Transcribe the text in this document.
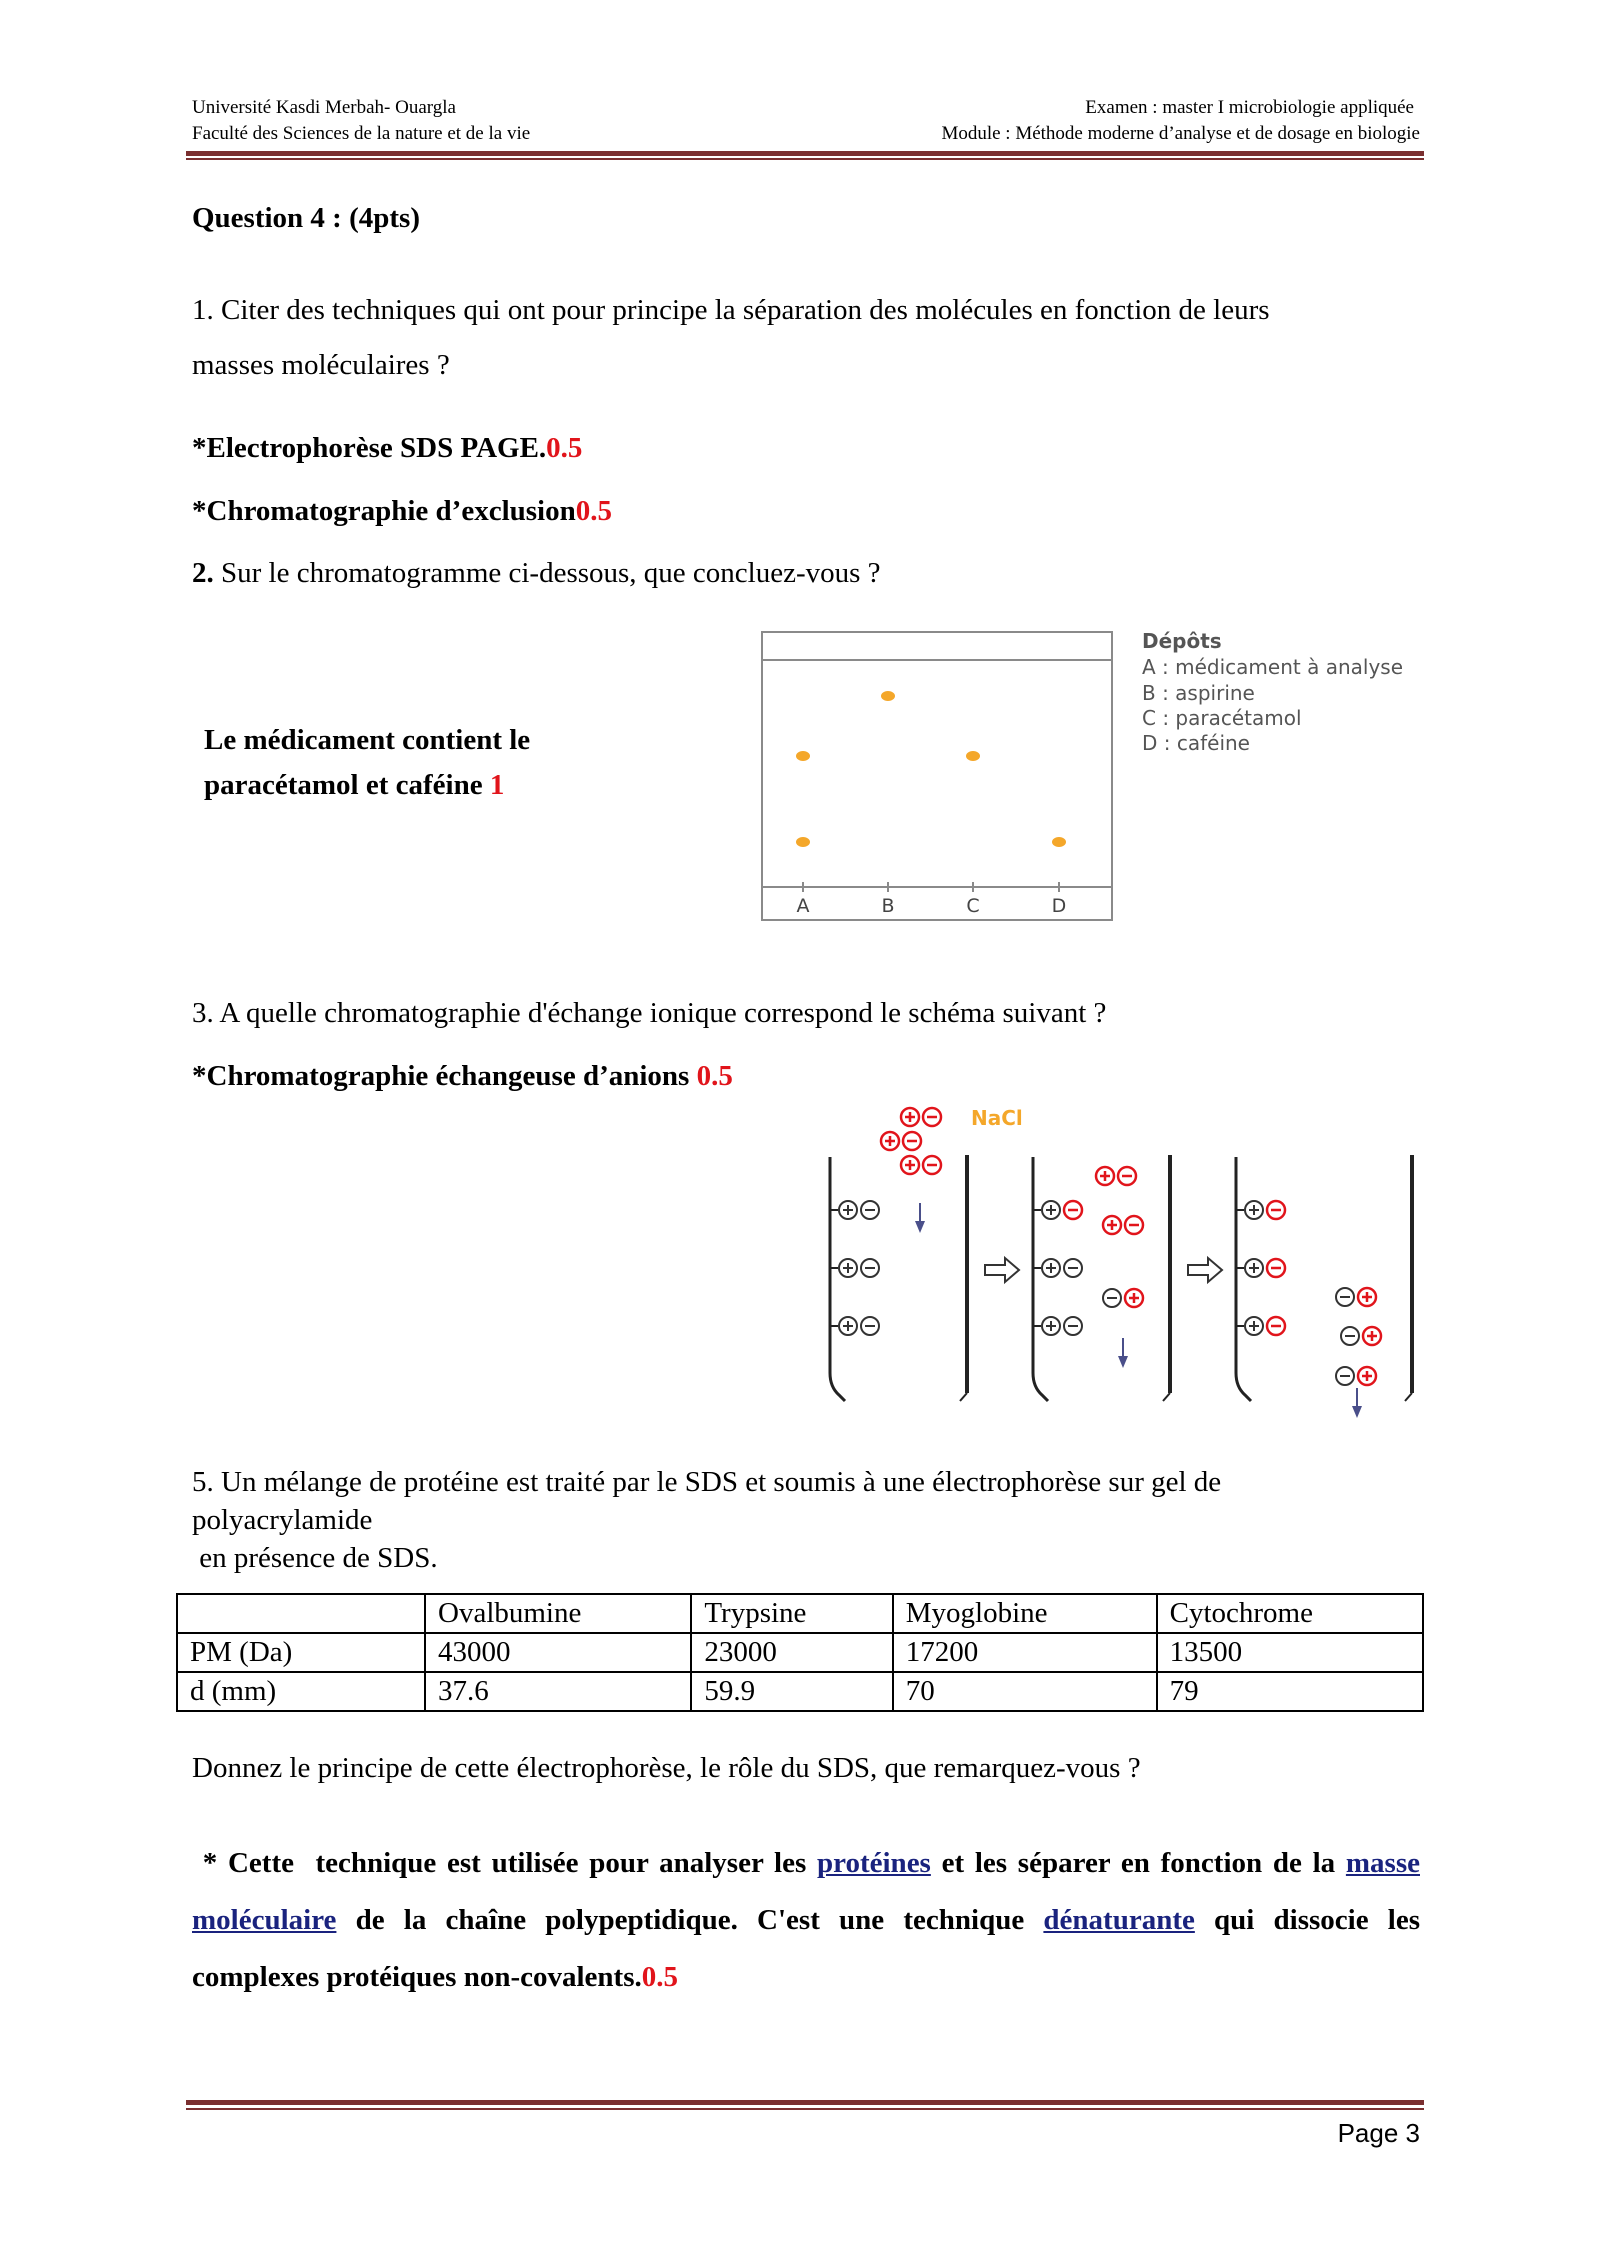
Université Kasdi Merbah- Ouargla
Faculté des Sciences de la nature et de la vie
Examen : master I microbiologie appliquée
Module : Méthode moderne d’analyse et de dosage en biologie
Question 4 : (4pts)
1. Citer des techniques qui ont pour principe la séparation des molécules en fonction de leurs
masses moléculaires ?
*Electrophorèse SDS PAGE.0.5
*Chromatographie d’exclusion0.5
2. Sur le chromatogramme ci-dessous, que concluez-vous ?
Le médicament contient le
paracétamol et caféine 1
A	B	C	D
Dépôts
A : médicament à analyse
B : aspirine
C : paracétamol
D : caféine
3. A quelle chromatographie d'échange ionique correspond le schéma suivant ?
*Chromatographie échangeuse d’anions 0.5
NaCl
5. Un mélange de protéine est traité par le SDS et soumis à une électrophorèse sur gel de
polyacrylamide
en présence de SDS.
	Ovalbumine	Trypsine	Myoglobine	Cytochrome
PM (Da)	43000	23000	17200	13500
d (mm)	37.6	59.9	70	79
Donnez le principe de cette électrophorèse, le rôle du SDS, que remarquez-vous ?
* Cette  technique est utilisée pour analyser les protéines et les séparer en fonction de la masse moléculaire de la chaîne polypeptidique. C'est une technique dénaturante qui dissocie les complexes protéiques non-covalents.0.5
Page 3
